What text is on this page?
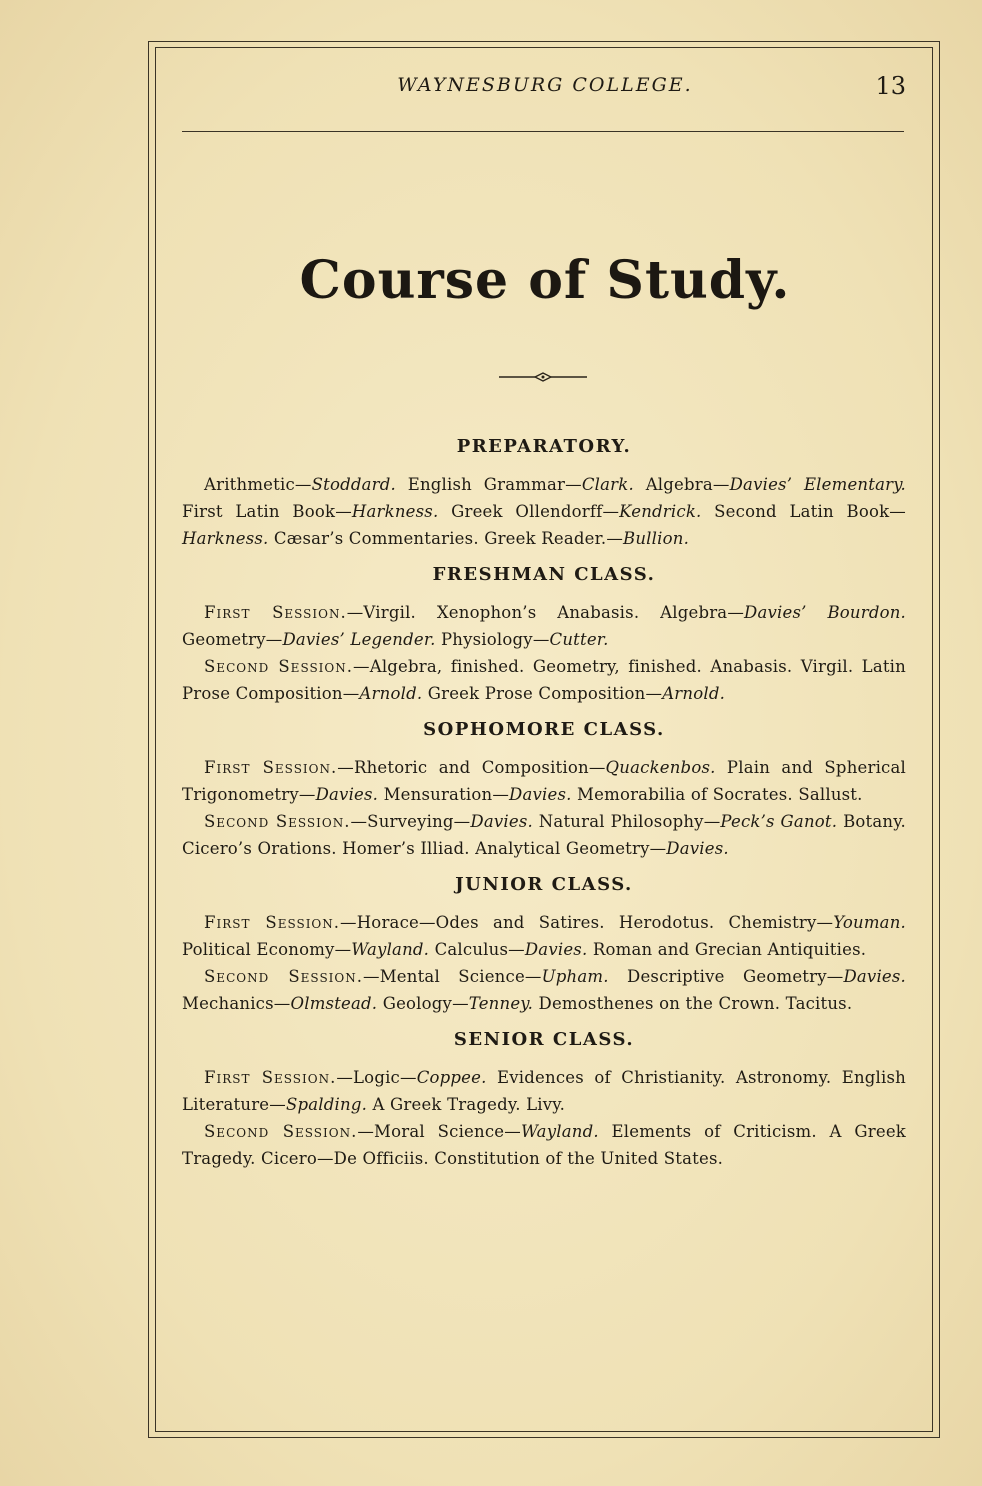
WAYNESBURG COLLEGE.	13
Course of Study.
PREPARATORY.

Arithmetic—Stoddard. English Grammar—Clark. Algebra—Davies’ Elementary. First Latin Book—Harkness. Greek Ollendorff—Kendrick. Second Latin Book—Harkness. Cæsar’s Commentaries. Greek Reader.—Bullion.

FRESHMAN CLASS.

First Session.—Virgil. Xenophon’s Anabasis. Algebra—Davies’ Bourdon. Geometry—Davies’ Legender. Physiology—Cutter.

Second Session.—Algebra, finished. Geometry, finished. Anabasis. Virgil. Latin Prose Composition—Arnold. Greek Prose Composition—Arnold.

SOPHOMORE CLASS.

First Session.—Rhetoric and Composition—Quackenbos. Plain and Spherical Trigonometry—Davies. Mensuration—Davies. Memorabilia of Socrates. Sallust.

Second Session.—Surveying—Davies. Natural Philosophy—Peck’s Ganot. Botany. Cicero’s Orations. Homer’s Illiad. Analytical Geometry—Davies.

JUNIOR CLASS.

First Session.—Horace—Odes and Satires. Herodotus. Chemistry—Youman. Political Economy—Wayland. Calculus—Davies. Roman and Grecian Antiquities.

Second Session.—Mental Science—Upham. Descriptive Geometry—Davies. Mechanics—Olmstead. Geology—Tenney. Demosthenes on the Crown. Tacitus.

SENIOR CLASS.

First Session.—Logic—Coppee. Evidences of Christianity. Astronomy. English Literature—Spalding. A Greek Tragedy. Livy.

Second Session.—Moral Science—Wayland. Elements of Criticism. A Greek Tragedy. Cicero—De Officiis. Constitution of the United States.
